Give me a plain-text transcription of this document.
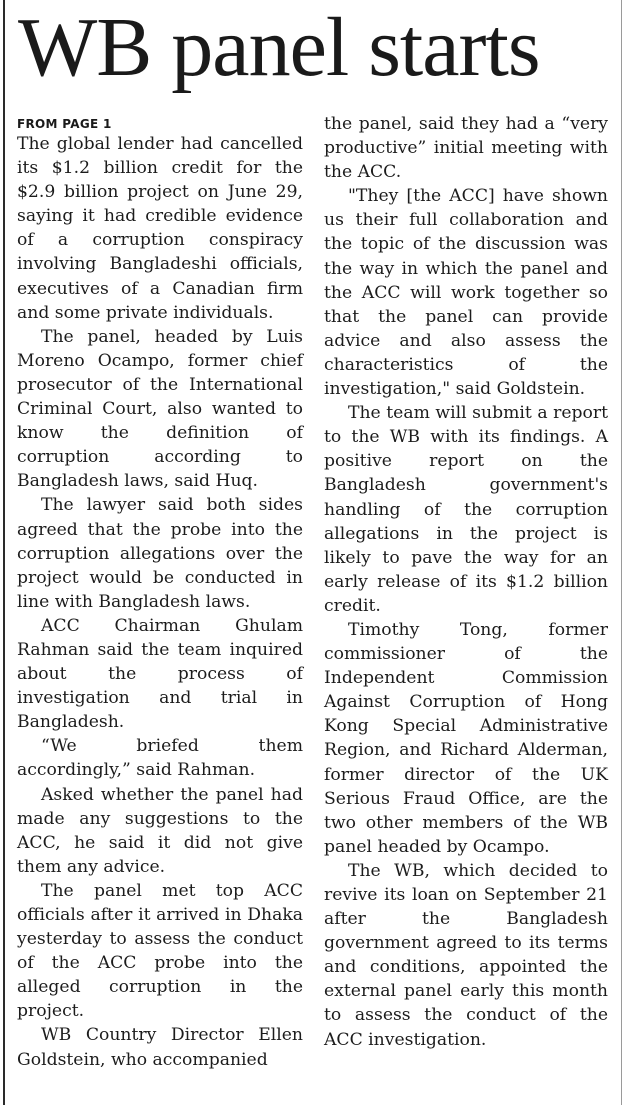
WB panel starts
FROM PAGE 1

The global lender had cancelled its $1.2 billion credit for the $2.9 billion project on June 29, saying it had credible evidence of a corruption conspiracy involving Bangladeshi officials, executives of a Canadian firm and some private individuals.

The panel, headed by Luis Moreno Ocampo, former chief prosecutor of the International Criminal Court, also wanted to know the definition of corruption according to Bangladesh laws, said Huq.

The lawyer said both sides agreed that the probe into the corruption allegations over the project would be conducted in line with Bangladesh laws.

ACC Chairman Ghulam Rahman said the team inquired about the process of investigation and trial in Bangladesh.

“We briefed them accordingly,” said Rahman.

Asked whether the panel had made any suggestions to the ACC, he said it did not give them any advice.

The panel met top ACC officials after it arrived in Dhaka yesterday to assess the conduct of the ACC probe into the alleged corruption in the project.

WB Country Director Ellen Goldstein, who accompanied

the panel, said they had a “very productive” initial meeting with the ACC.

"They [the ACC] have shown us their full collaboration and the topic of the discussion was the way in which the panel and the ACC will work together so that the panel can provide advice and also assess the characteristics of the investigation," said Goldstein.

The team will submit a report to the WB with its findings. A positive report on the Bangladesh government's handling of the corruption allegations in the project is likely to pave the way for an early release of its $1.2 billion credit.

Timothy Tong, former commissioner of the Independent Commission Against Corruption of Hong Kong Special Administrative Region, and Richard Alderman, former director of the UK Serious Fraud Office, are the two other members of the WB panel headed by Ocampo.

The WB, which decided to revive its loan on September 21 after the Bangladesh government agreed to its terms and conditions, appointed the external panel early this month to assess the conduct of the ACC investigation.
